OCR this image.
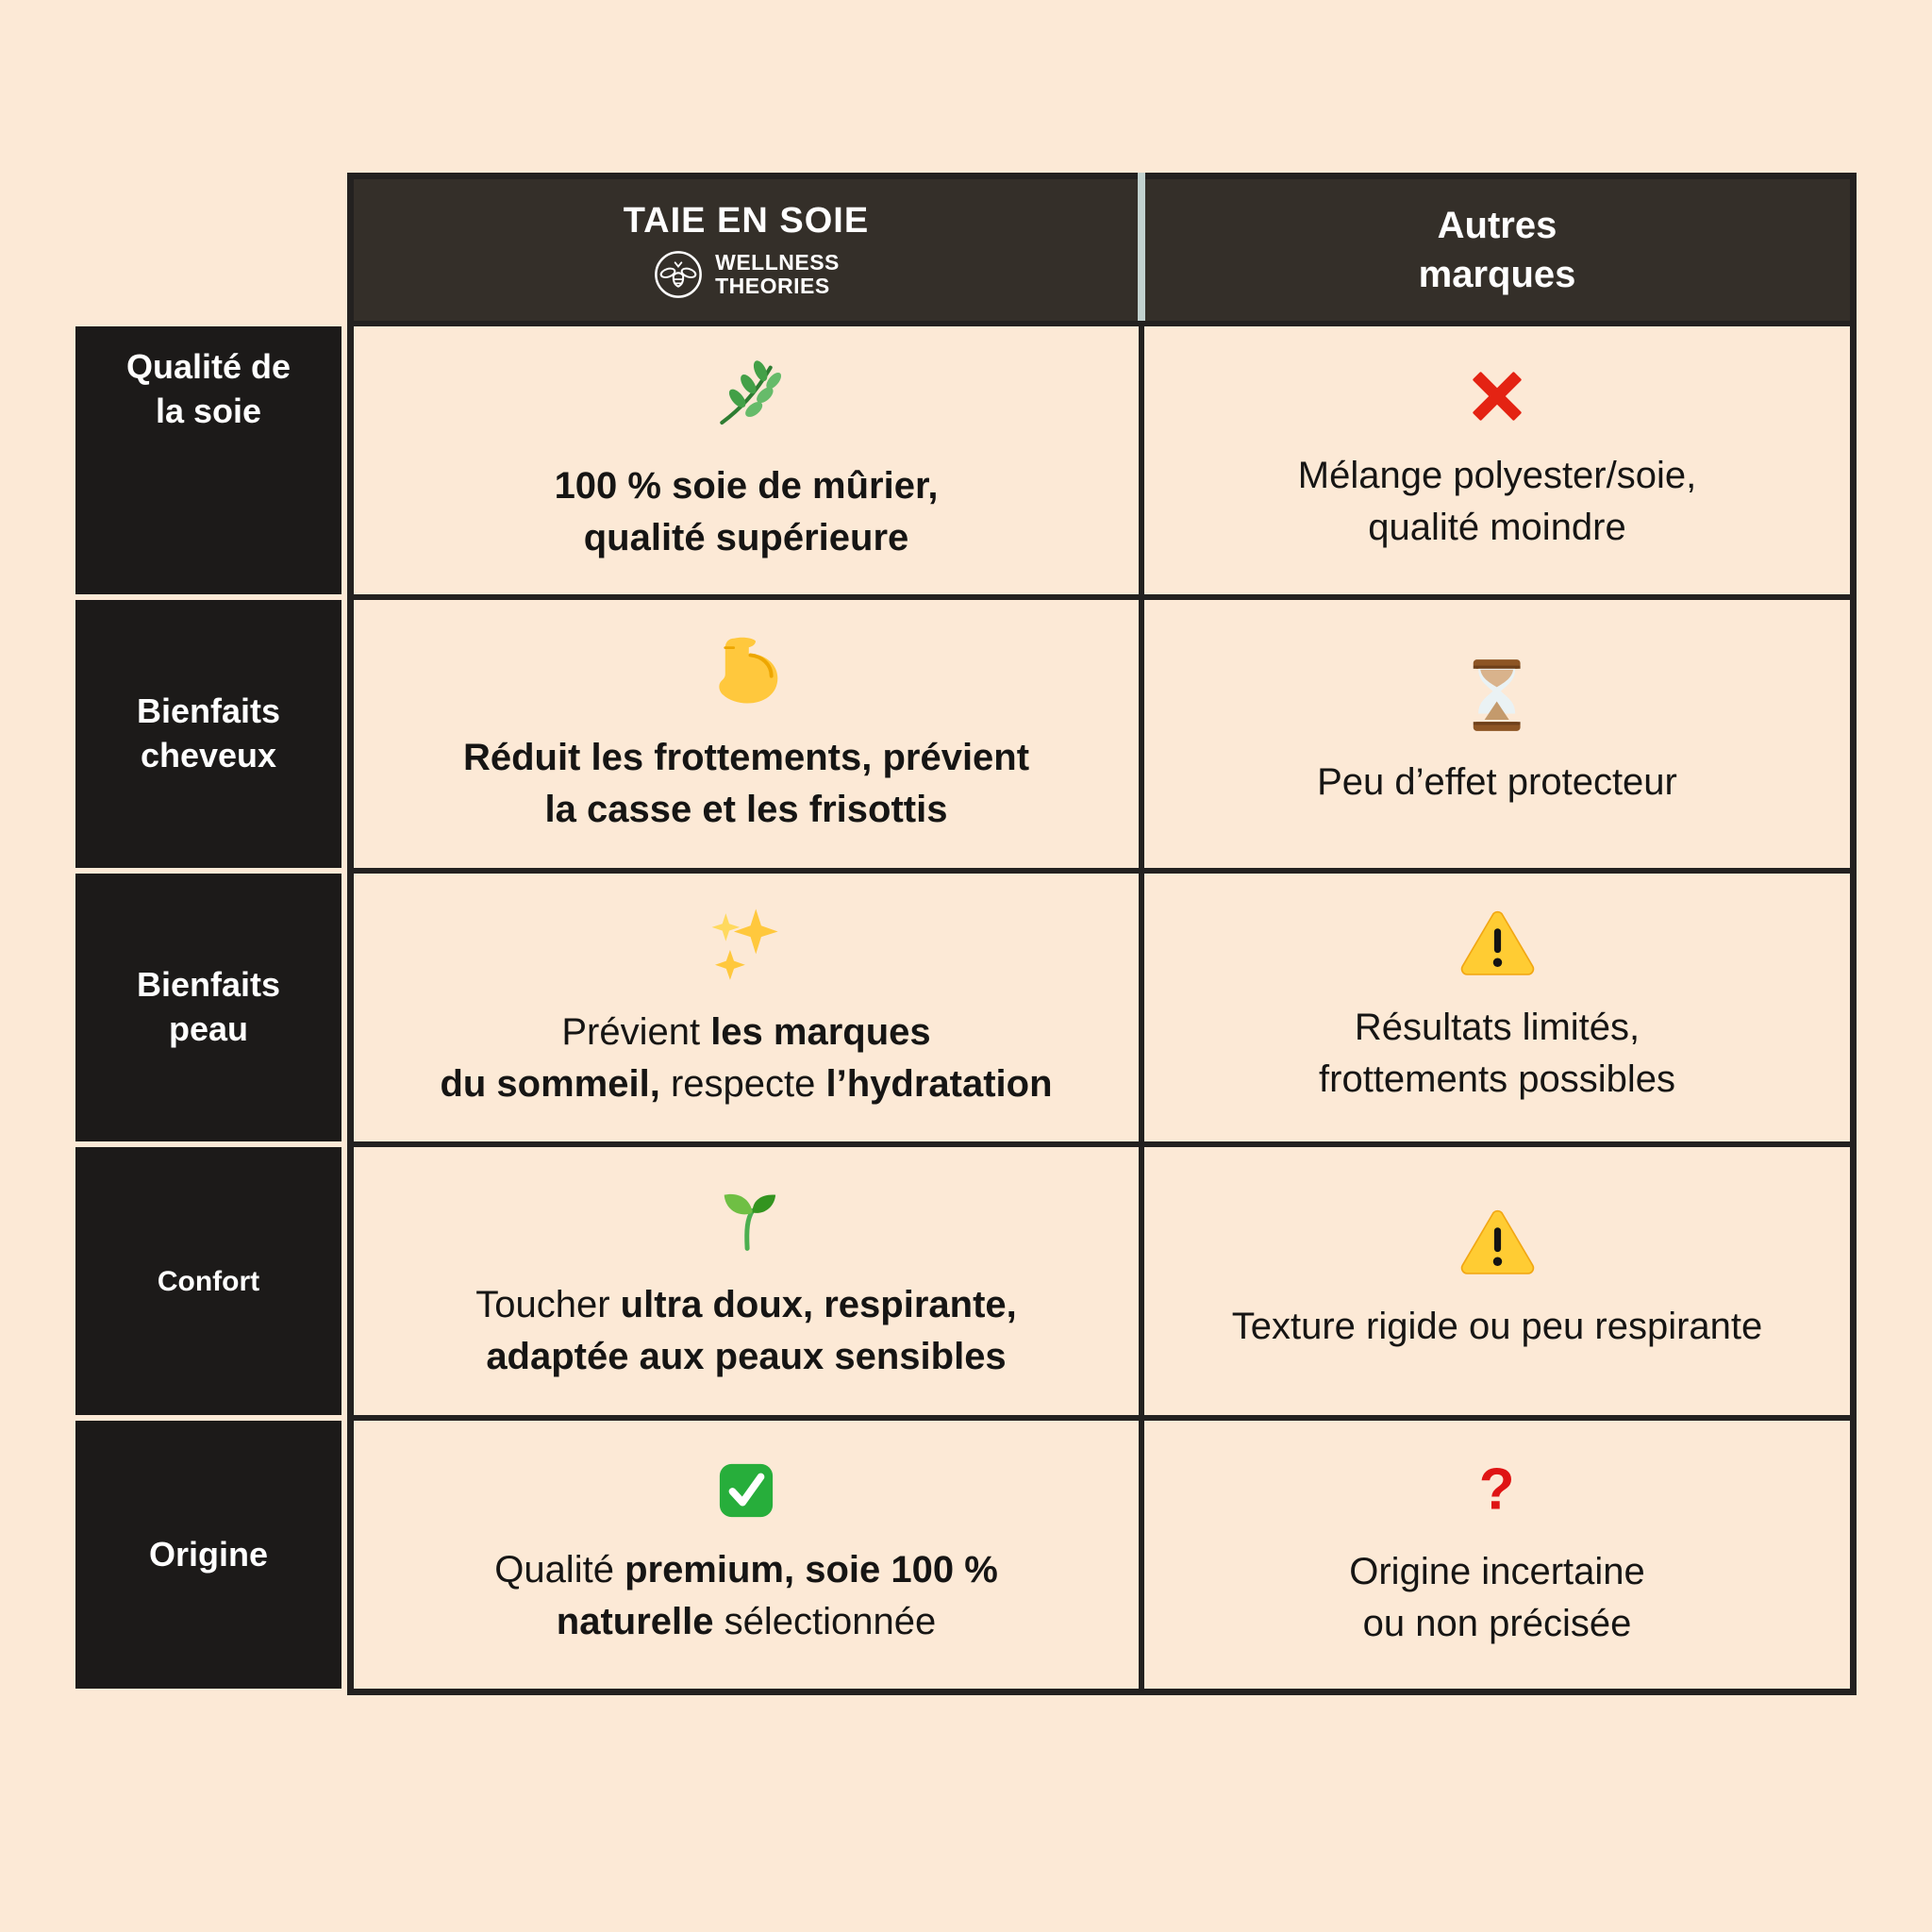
Qualité de
la soie
Bienfaits
cheveux
Bienfaits
peau
Confort
Origine
TAIE EN SOIE
WELLNESS
THEORIES
Autres
marques
100 % soie de mûrier,
qualité supérieure
Mélange polyester/soie,
qualité moindre
Réduit les frottements, prévient
la casse et les frisottis
Peu d’effet protecteur
Prévient les marques
du sommeil, respecte l’hydratation
Résultats limités,
frottements possibles
Toucher ultra doux, respirante,
adaptée aux peaux sensibles
Texture rigide ou peu respirante
Qualité premium, soie 100 %
naturelle sélectionnée
?
Origine incertaine
ou non précisée
